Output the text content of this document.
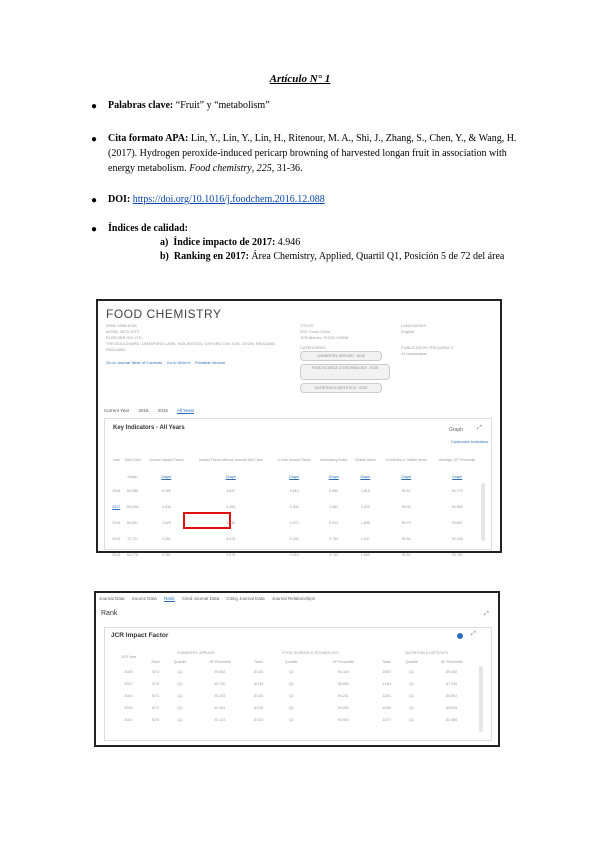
Artículo N° 1
● Palabras clave: “Fruit” y “metabolism”
● Cita formato APA: Lin, Y., Lin, Y., Lin, H., Ritenour, M. A., Shi, J., Zhang, S., Chen, Y., & Wang, H. (2017). Hydrogen peroxide-induced pericarp browning of harvested longan fruit in association with energy metabolism. Food chemistry, 225, 31-36.
● DOI: https://doi.org/10.1016/j.foodchem.2016.12.088
● Índices de calidad:
a) Índice impacto de 2017: 4.946
b) Ranking en 2017: Área Chemistry, Applied, Quartil Q1, Posición 5 de 72 del área
FOOD CHEMISTRY
ISSN: 0308-8146
eISSN: 1873-7072
ELSEVIER SCI LTD
THE BOULEVARD, LANGFORD LANE, KIDLINGTON, OXFORD OX5 1GB, OXON, ENGLAND
ENGLAND
Go to Journal Table of Contents    Go to Ulrich's    Printable Version
TITLES
ISO: Food Chem.
JCR Abbrev: FOOD CHEM
CATEGORIES
CHEMISTRY, APPLIED - SCIE
FOOD SCIENCE & TECHNOLOGY - SCIE
NUTRITION & DIETETICS - SCIE
LANGUAGES
English
PUBLICATION FREQUENCY
24 issues/year
Current Year 2016 2015 All Years
Key Indicators - All Years	Graph ⤢
Customize Indicators
Year	Total Cites	Journal Impact Factor	Impact Factor without Journal Self Cites	5 Year Impact Factor	Immediacy Index	Citable Items	% Articles in Citable items	Average JIF Percentile
	Graph	Graph	Graph	Graph	Graph	Graph	Graph	Graph
2018	84,988	5.399	4.647	5.514	0.950	1,818	99.61	94.775
2017	103,654	4.946	4.493	5.304	1.062	1,923	99.32	94.965
2016	84,591	4.529	4.136	4.970	0.914	1,896	99.79	93.867
2015	72,721	3.391	3.025	4.335	0.739	1,947	99.64	92.436
2014	64,278	3.391	2.978	3.916	0.742	1,869	99.63	93.750
Journal Data Source Data Rank Cited Journal Data Citing Journal Data Journal Relationships
Rank	⤢
JCR Impact Factor	⤢
JCR Year	CHEMISTRY, APPLIED			FOOD SCIENCE & TECHNOLOGY			NUTRITION & DIETETICS		
	Rank	Quartile	JIF Percentile	Rank	Quartile	JIF Percentile	Rank	Quartile	JIF Percentile
2018	5/71	Q1	93.662	8/135	Q1	94.444	10/87	Q1	89.080
2017	5/72	Q1	93.750	6/133	Q1	95.865	11/83	Q1	87.349
2016	6/71	Q1	92.254	8/130	Q1	94.231	12/81	Q1	85.802
2015	6/72	Q1	92.361	8/125	Q1	94.000	12/80	Q1	85.625
2014	6/70	Q1	92.143	8/123	Q1	93.902	14/77	Q1	82.468
